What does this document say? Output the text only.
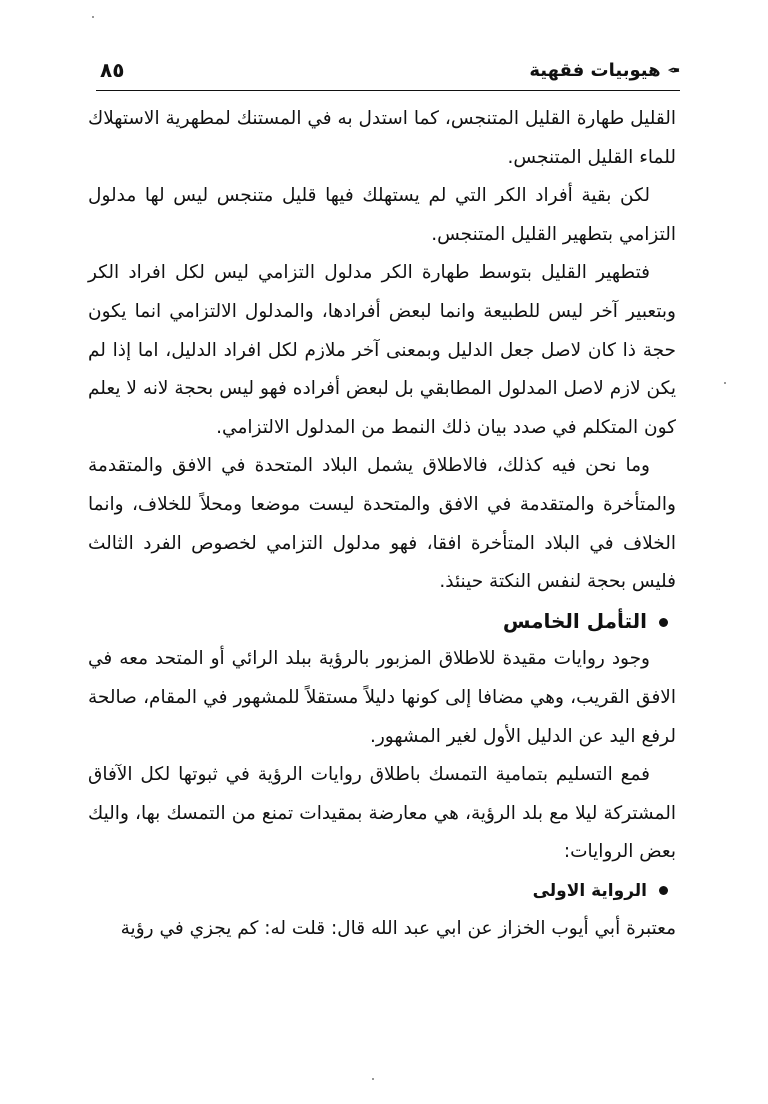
✒هيوبيات فقهية
٨٥

القليل طهارة القليل المتنجس، كما استدل به في المستنك لمطهرية الاستهلاك للماء القليل المتنجس.

لكن بقية أفراد الكر التي لم يستهلك فيها قليل متنجس ليس لها مدلول التزامي بتطهير القليل المتنجس.

فتطهير القليل بتوسط طهارة الكر مدلول التزامي ليس لكل افراد الكر وبتعبير آخر ليس للطبيعة وانما لبعض أفرادها، والمدلول الالتزامي انما يكون حجة ذا كان لاصل جعل الدليل وبمعنى آخر ملازم لكل افراد الدليل، اما إذا لم يكن لازم لاصل المدلول المطابقي بل لبعض أفراده فهو ليس بحجة لانه لا يعلم كون المتكلم في صدد بيان ذلك النمط من المدلول الالتزامي.

وما نحن فيه كذلك، فالاطلاق يشمل البلاد المتحدة في الافق والمتقدمة والمتأخرة والمتقدمة في الافق والمتحدة ليست موضعا ومحلاً للخلاف، وانما الخلاف في البلاد المتأخرة افقا، فهو مدلول التزامي لخصوص الفرد الثالث فليس بحجة لنفس النكتة حينئذ.

التأمل الخامس

وجود روايات مقيدة للاطلاق المزبور بالرؤية ببلد الرائي أو المتحد معه في الافق القريب، وهي مضافا إلى كونها دليلاً مستقلاً للمشهور في المقام، صالحة لرفع اليد عن الدليل الأول لغير المشهور.

فمع التسليم بتمامية التمسك باطلاق روايات الرؤية في ثبوتها لكل الآفاق المشتركة ليلا مع بلد الرؤية، هي معارضة بمقيدات تمنع من التمسك بها، واليك بعض الروايات:

الرواية الاولى

معتبرة أبي أيوب الخزاز عن ابي عبد الله قال: قلت له: كم يجزي في رؤية
